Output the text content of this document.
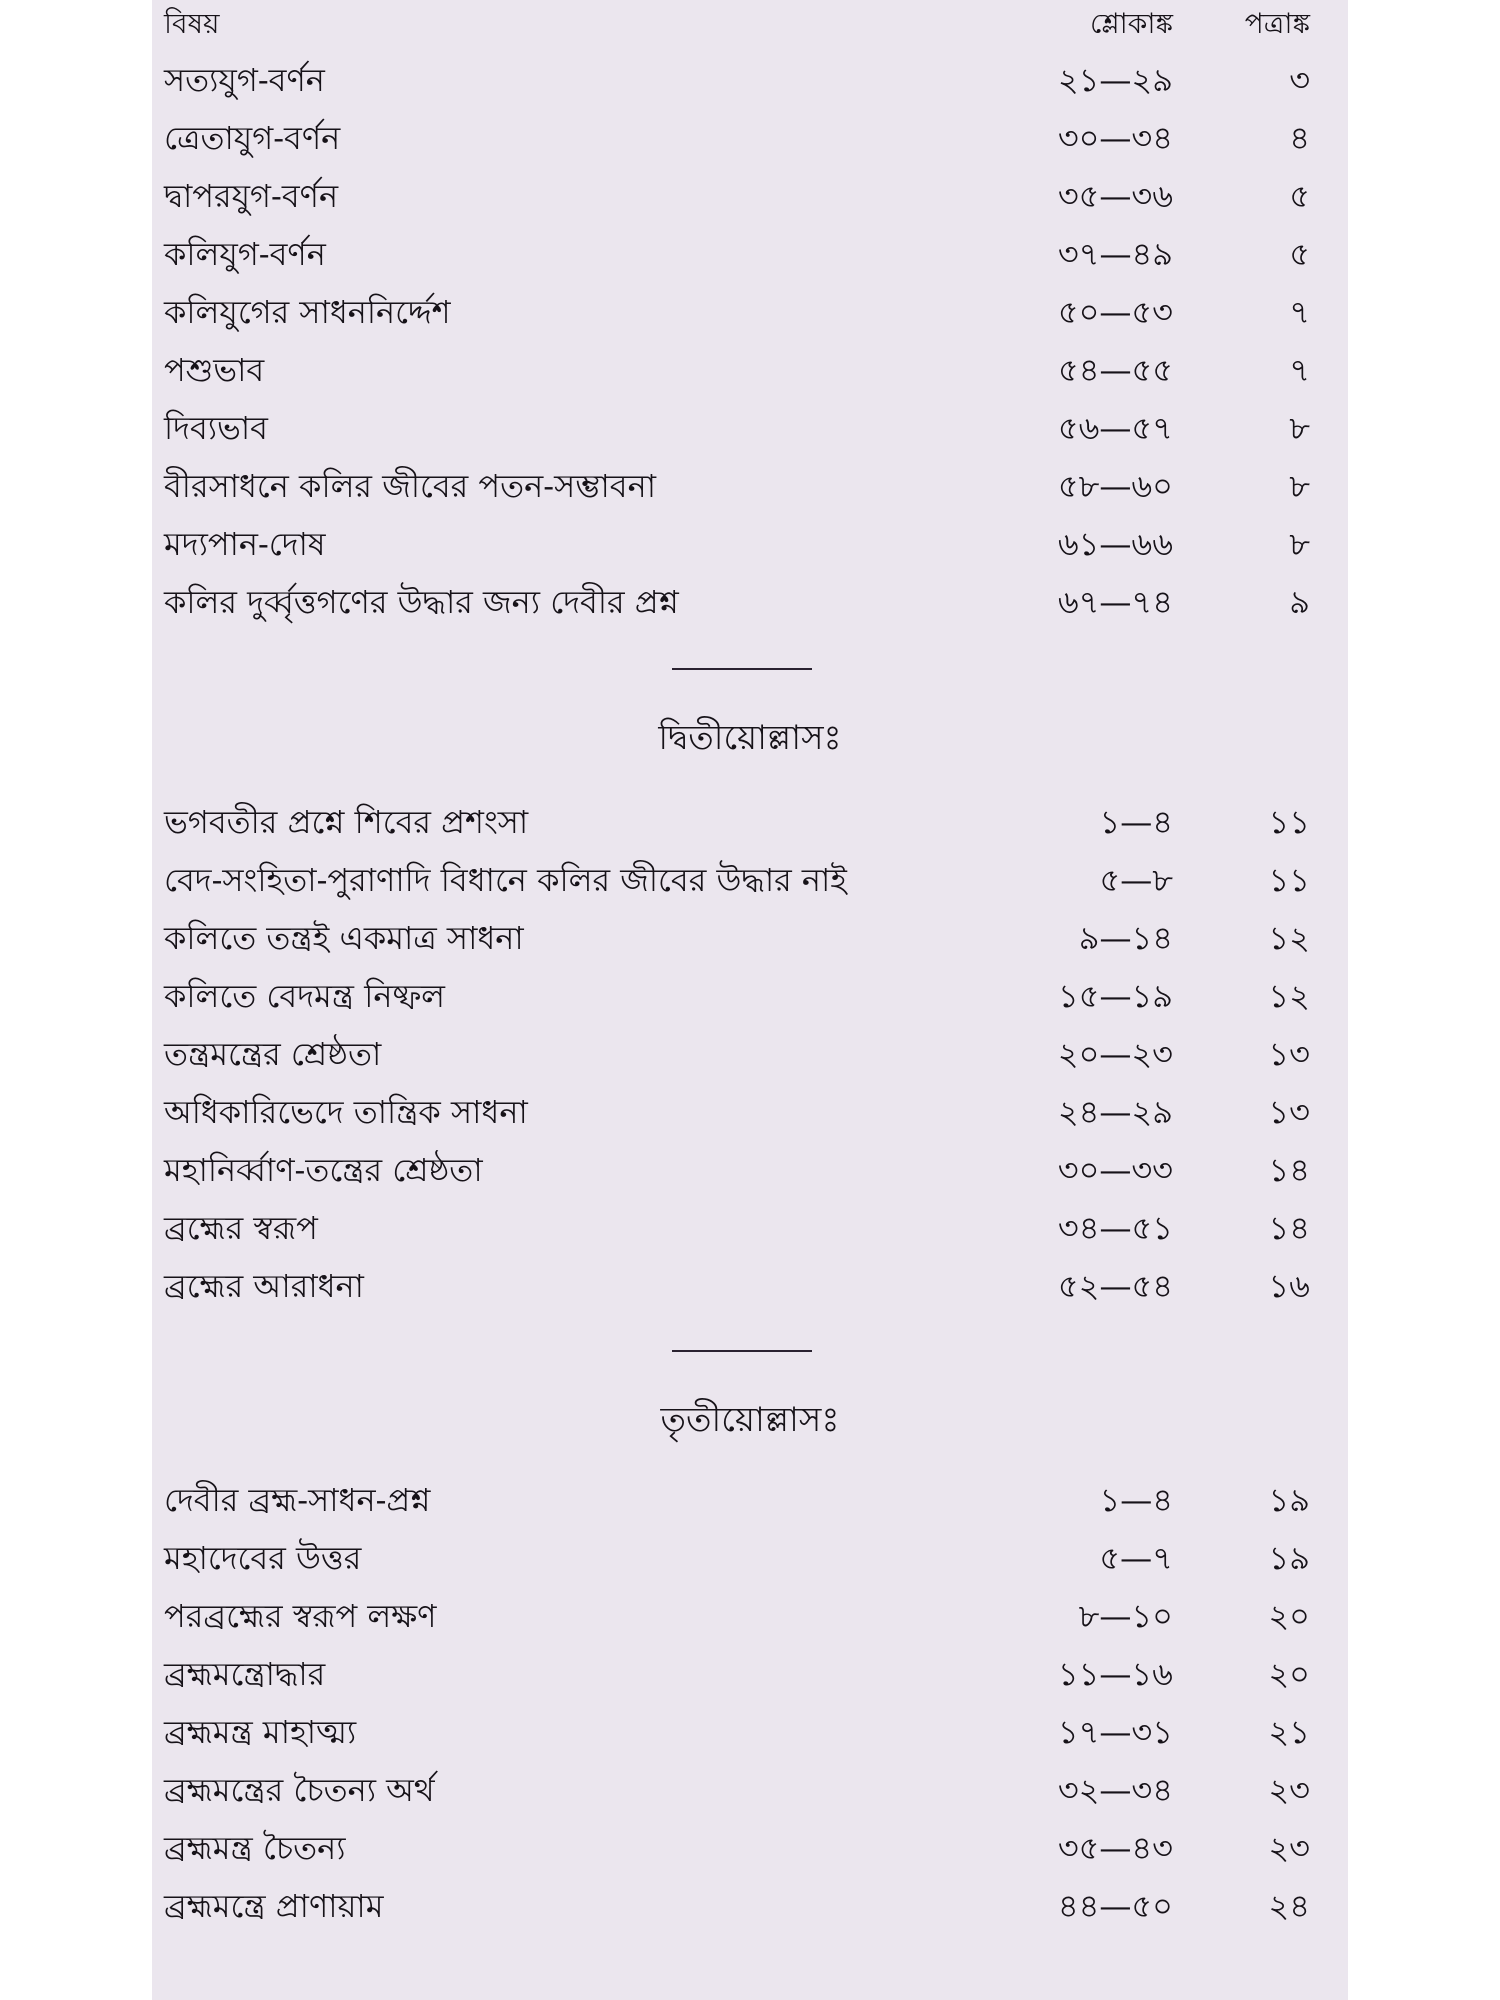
বিষয়	শ্লোকাঙ্ক	পত্রাঙ্ক
সত্যযুগ-বর্ণন	২১—২৯	৩
ত্রেতাযুগ-বর্ণন	৩০—৩৪	৪
দ্বাপরযুগ-বর্ণন	৩৫—৩৬	৫
কলিযুগ-বর্ণন	৩৭—৪৯	৫
কলিযুগের সাধননির্দ্দেশ	৫০—৫৩	৭
পশুভাব	৫৪—৫৫	৭
দিব্যভাব	৫৬—৫৭	৮
বীরসাধনে কলির জীবের পতন-সম্ভাবনা	৫৮—৬০	৮
মদ্যপান-দোষ	৬১—৬৬	৮
কলির দুর্ব্বৃত্তগণের উদ্ধার জন্য দেবীর প্রশ্ন	৬৭—৭৪	৯
দ্বিতীয়োল্লাসঃ
ভগবতীর প্রশ্নে শিবের প্রশংসা	১—৪	১১
বেদ-সংহিতা-পুরাণাদি বিধানে কলির জীবের উদ্ধার নাই	৫—৮	১১
কলিতে তন্ত্রই একমাত্র সাধনা	৯—১৪	১২
কলিতে বেদমন্ত্র নিষ্ফল	১৫—১৯	১২
তন্ত্রমন্ত্রের শ্রেষ্ঠতা	২০—২৩	১৩
অধিকারিভেদে তান্ত্রিক সাধনা	২৪—২৯	১৩
মহানির্ব্বাণ-তন্ত্রের শ্রেষ্ঠতা	৩০—৩৩	১৪
ব্রহ্মের স্বরূপ	৩৪—৫১	১৪
ব্রহ্মের আরাধনা	৫২—৫৪	১৬
তৃতীয়োল্লাসঃ
দেবীর ব্রহ্ম-সাধন-প্রশ্ন	১—৪	১৯
মহাদেবের উত্তর	৫—৭	১৯
পরব্রহ্মের স্বরূপ লক্ষণ	৮—১০	২০
ব্রহ্মমন্ত্রোদ্ধার	১১—১৬	২০
ব্রহ্মমন্ত্র মাহাত্ম্য	১৭—৩১	২১
ব্রহ্মমন্ত্রের চৈতন্য অর্থ	৩২—৩৪	২৩
ব্রহ্মমন্ত্র চৈতন্য	৩৫—৪৩	২৩
ব্রহ্মমন্ত্রে প্রাণায়াম	৪৪—৫০	২৪
